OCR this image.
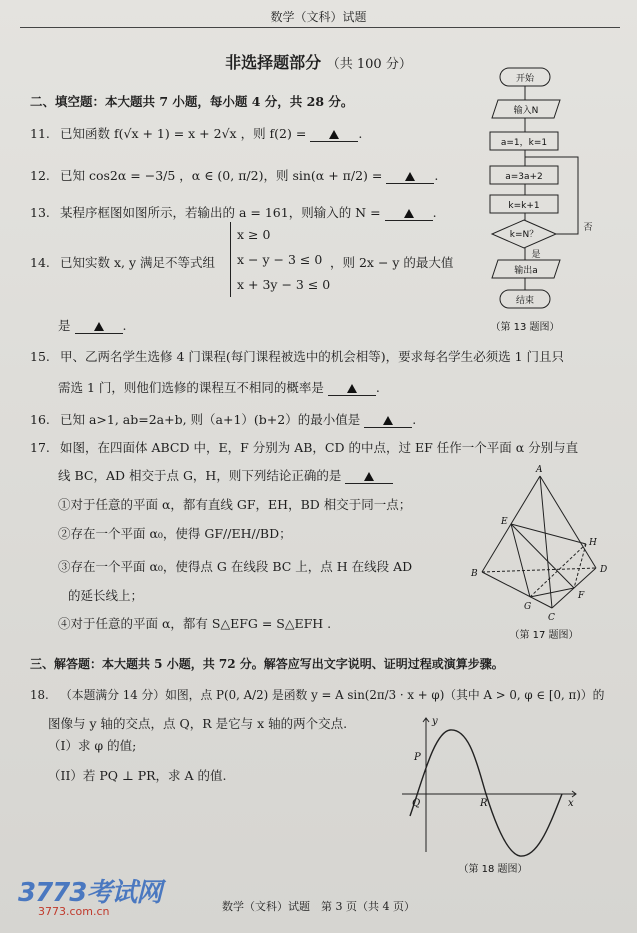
数学（文科）试题
非选择题部分 （共 100 分）
二、填空题：本大题共 7 小题，每小题 4 分，共 28 分。
11. 已知函数 f(√x + 1) = x + 2√x ，则 f(2) =	.
12. 已知 cos2α = −3/5 ，α ∈ (0, π/2)，则 sin(α + π/2) =	.
13. 某程序框图如图所示，若输出的 a = 161，则输入的 N =	.
14. 已知实数 x, y 满足不等式组
x ≥ 0
x − y − 3 ≤ 0
x + 3y − 3 ≤ 0
，则 2x − y 的最大值
是	.
开始
输入N
a=1，k=1
a=3a+2
k=k+1
k=N？
否
是
输出a
结束
（第 13 题图）
15. 甲、乙两名学生选修 4 门课程(每门课程被选中的机会相等)，要求每名学生必须选 1 门且只
需选 1 门，则他们选修的课程互不相同的概率是	.
16. 已知 a>1, ab=2a+b, 则（a+1）(b+2）的最小值是	.
17. 如图，在四面体 ABCD 中，E，F 分别为 AB，CD 的中点，过 EF 任作一个平面 α 分别与直
线 BC，AD 相交于点 G，H，则下列结论正确的是
①对于任意的平面 α，都有直线 GF，EH，BD 相交于同一点；
②存在一个平面 α₀，使得 GF//EH//BD；
③存在一个平面 α₀，使得点 G 在线段 BC 上，点 H 在线段 AD
的延长线上；
④对于任意的平面 α，都有 S△EFG = S△EFH .
A
B
C
D
E
F
G
H
（第 17 题图）
三、解答题：本大题共 5 小题，共 72 分。解答应写出文字说明、证明过程或演算步骤。
18. （本题满分 14 分）如图，点 P(0, A/2) 是函数 y = A sin(2π/3 · x + φ)（其中 A > 0, φ ∈ [0, π)）的
图像与 y 轴的交点，点 Q，R 是它与 x 轴的两个交点.
（I）求 φ 的值;
（II）若 PQ ⊥ PR，求 A 的值.
y
x
P
Q	R
（第 18 题图）
3773考试网
3773.com.cn	数学（文科）试题　第 3 页（共 4 页）
